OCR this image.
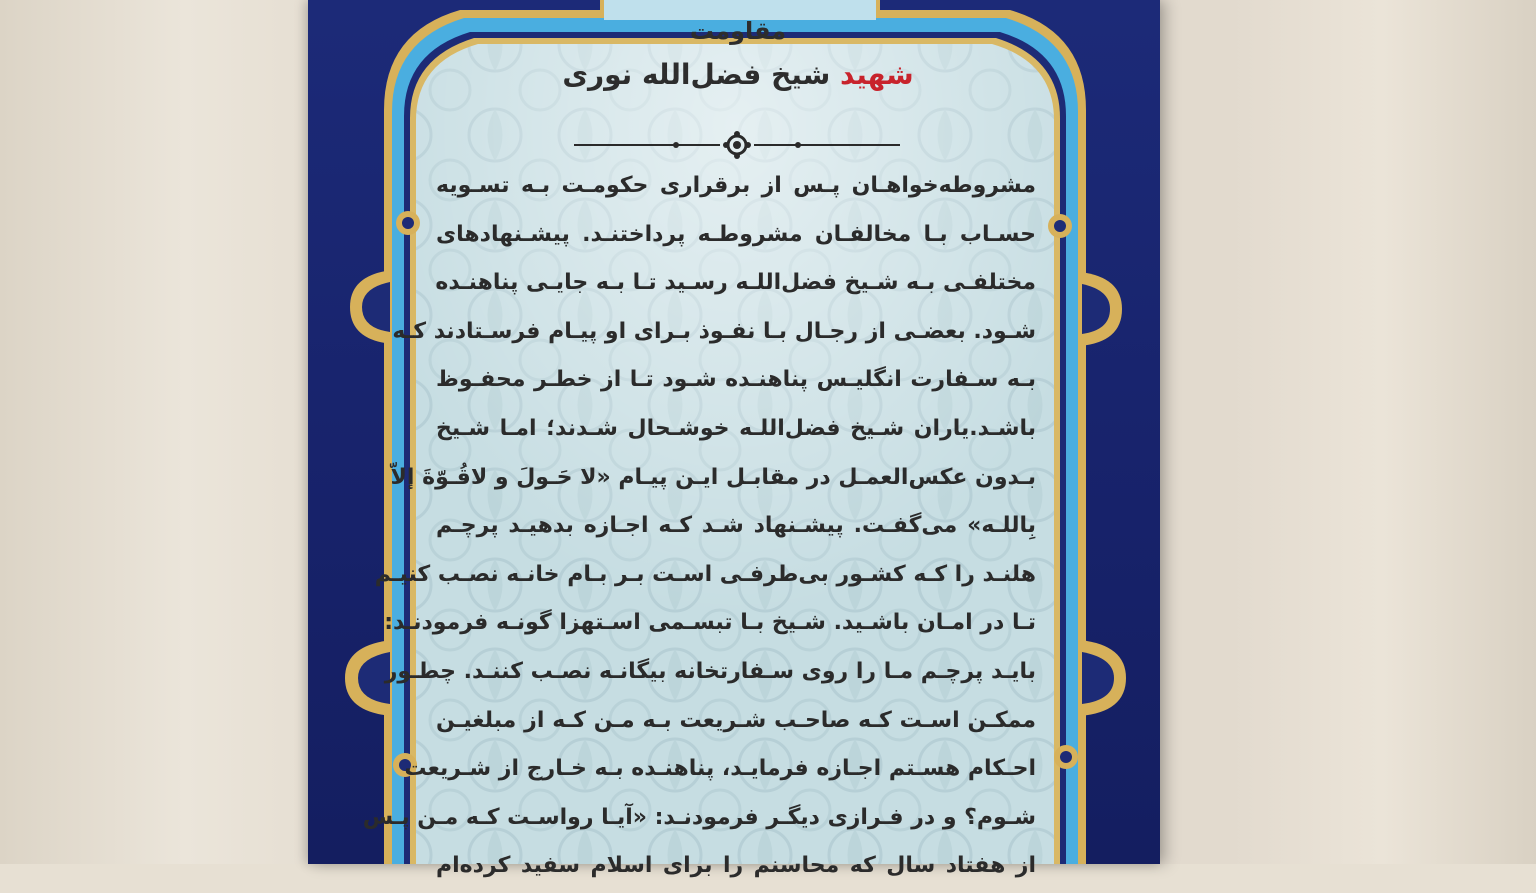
مقاومت

شهید شیخ فضل‌الله نوری

مشروطه‌خواهـان پـس از برقراری حکومـت بـه تسـویه
حسـاب بـا مخالفـان مشروطـه پرداختنـد. پیشـنهادهای
مختلفـی بـه شـیخ فضل‌اللـه رسـید تـا بـه جایـی پناهنـده
شـود. بعضـی از رجـال بـا نفـوذ بـرای او پیـام فرسـتادند کـه
بـه سـفارت انگلیـس پناهنـده شـود تـا از خطـر محفـوظ
باشـد.یاران شـیخ فضل‌اللـه خوشـحال شـدند؛ امـا شـیخ
بـدون عکس‌العمـل در مقابـل ایـن پیـام «لا حَـولَ و لاقُـوّةَ إلاّ
بِاللـه» می‌گفـت. پیشـنهاد شـد کـه اجـازه بدهیـد پرچـم
هلنـد را کـه کشـور بی‌طرفـی اسـت بـر بـام خانـه نصـب کنیـم
تـا در امـان باشـید. شـیخ بـا تبسـمی اسـتهزا گونـه فرمودنـد:
بایـد پرچـم مـا را روی سـفارتخانه بیگانـه نصـب کننـد. چطـور
ممکـن اسـت کـه صاحـب شـریعت بـه مـن کـه از مبلغیـن
احـکام هسـتم اجـازه فرمایـد، پناهنـده بـه خـارج از شـریعت
شـوم؟ و در فـرازی دیگـر فرمودنـد: «آیـا رواسـت کـه مـن پـس
از هفتاد سال که محاسنم را برای اسلام سفید کرده‌ام
